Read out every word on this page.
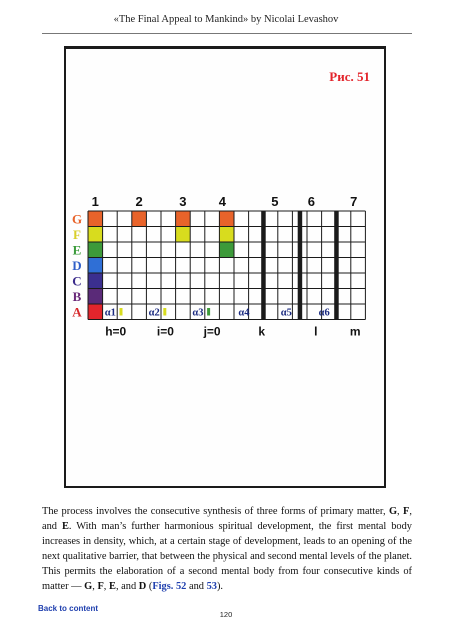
«The Final Appeal to Mankind» by Nicolai Levashov
Рис. 51
1	2	3 4	5 6	7
G
F
E
D
C
B
A α1	α2	α3	α4	α5	α6
h=0	i=0 j=0	k	l	m
The process involves the consecutive synthesis of three forms of primary matter, G, F, and E. With man’s further harmonious spiritual development, the first mental body increases in density, which, at a certain stage of development, leads to an opening of the next qualitative barrier, that between the physical and second mental levels of the planet. This permits the elaboration of a second mental body from four consecutive kinds of matter — G, F, E, and D (Figs. 52 and 53).
Back to content
120
